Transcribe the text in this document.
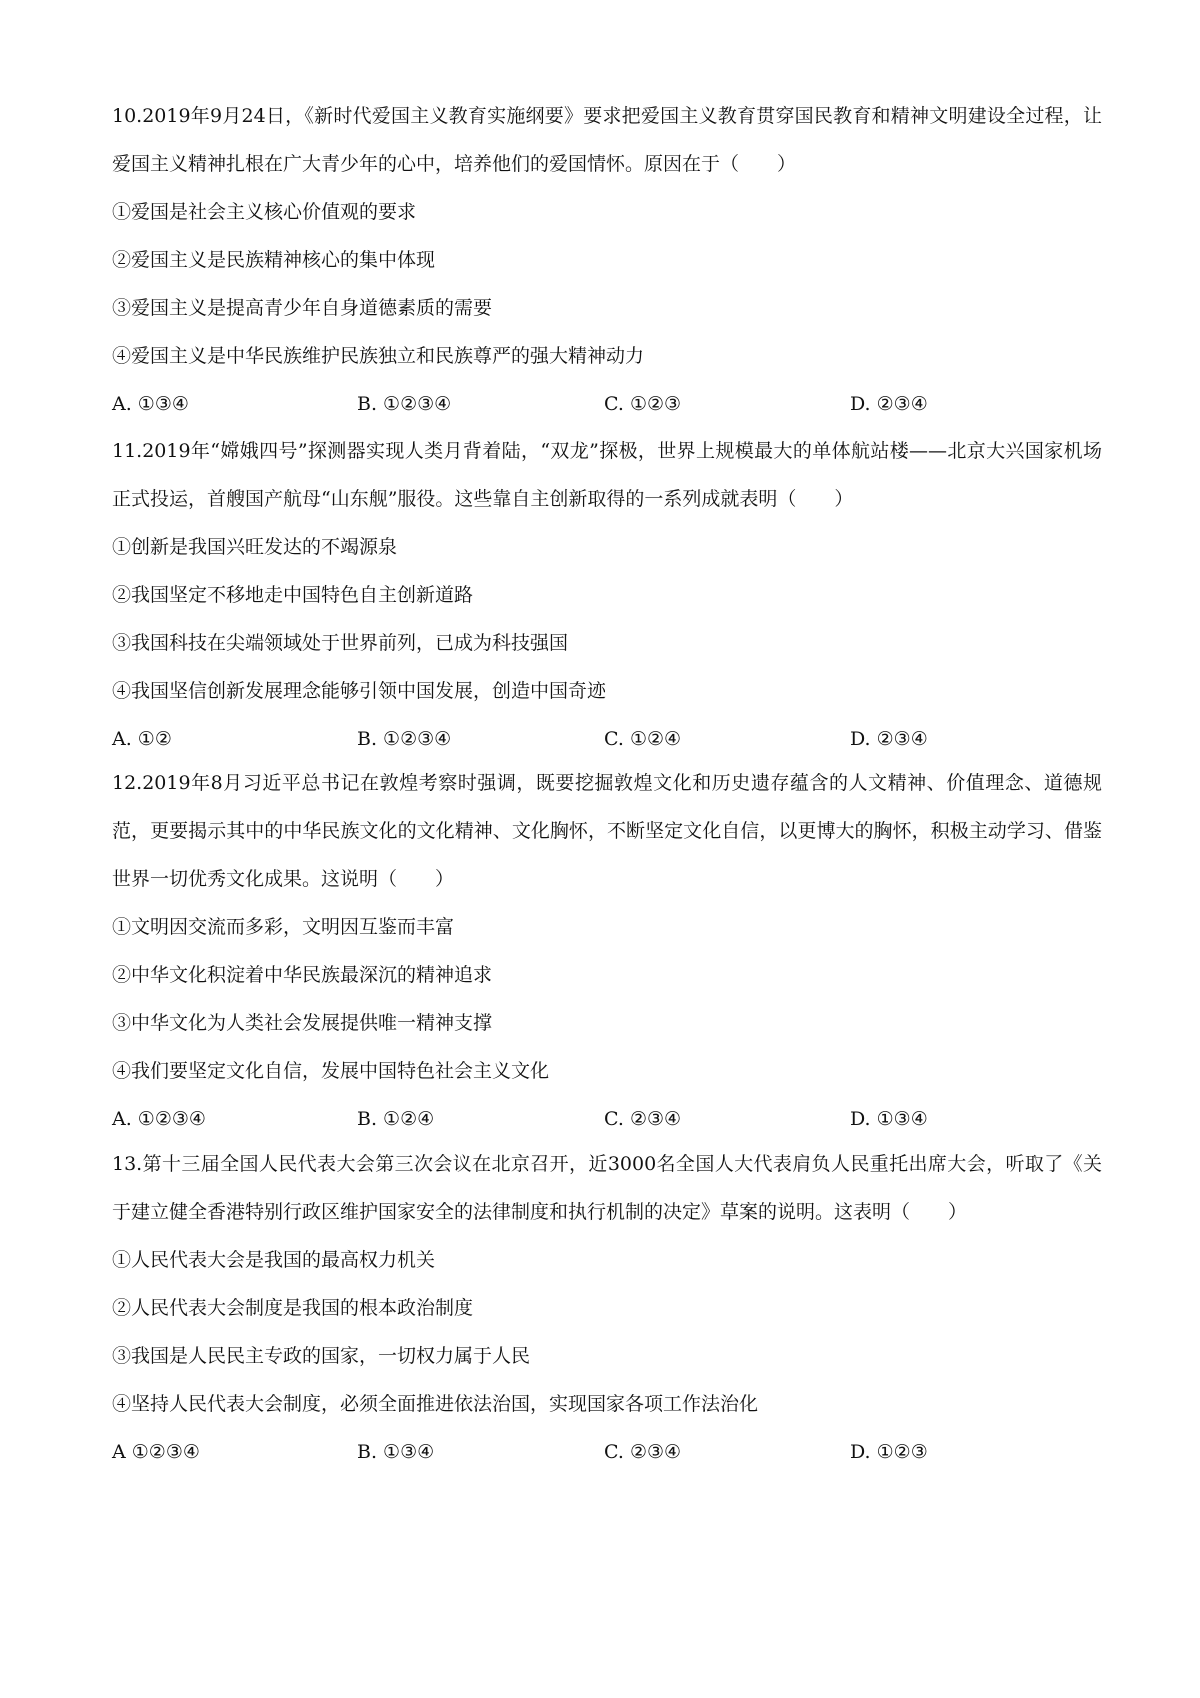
10.2019年9月24日，《新时代爱国主义教育实施纲要》要求把爱国主义教育贯穿国民教育和精神文明建设全过程，让爱国主义精神扎根在广大青少年的心中，培养他们的爱国情怀。原因在于（　　）

①爱国是社会主义核心价值观的要求

②爱国主义是民族精神核心的集中体现

③爱国主义是提高青少年自身道德素质的需要

④爱国主义是中华民族维护民族独立和民族尊严的强大精神动力

A. ①③④	B. ①②③④	C. ①②③	D. ②③④

11.2019年“嫦娥四号”探测器实现人类月背着陆，“双龙”探极，世界上规模最大的单体航站楼——北京大兴国家机场正式投运，首艘国产航母“山东舰”服役。这些靠自主创新取得的一系列成就表明（　　）

①创新是我国兴旺发达的不竭源泉

②我国坚定不移地走中国特色自主创新道路

③我国科技在尖端领域处于世界前列，已成为科技强国

④我国坚信创新发展理念能够引领中国发展，创造中国奇迹

A. ①②	B. ①②③④	C. ①②④	D. ②③④

12.2019年8月习近平总书记在敦煌考察时强调，既要挖掘敦煌文化和历史遗存蕴含的人文精神、价值理念、道德规范，更要揭示其中的中华民族文化的文化精神、文化胸怀，不断坚定文化自信，以更博大的胸怀，积极主动学习、借鉴世界一切优秀文化成果。这说明（　　）

①文明因交流而多彩，文明因互鉴而丰富

②中华文化积淀着中华民族最深沉的精神追求

③中华文化为人类社会发展提供唯一精神支撑

④我们要坚定文化自信，发展中国特色社会主义文化

A. ①②③④	B. ①②④	C. ②③④	D. ①③④

13.第十三届全国人民代表大会第三次会议在北京召开，近3000名全国人大代表肩负人民重托出席大会，听取了《关于建立健全香港特别行政区维护国家安全的法律制度和执行机制的决定》草案的说明。这表明（　　）

①人民代表大会是我国的最高权力机关

②人民代表大会制度是我国的根本政治制度

③我国是人民民主专政的国家，一切权力属于人民

④坚持人民代表大会制度，必须全面推进依法治国，实现国家各项工作法治化

A ①②③④	B. ①③④	C. ②③④	D. ①②③
